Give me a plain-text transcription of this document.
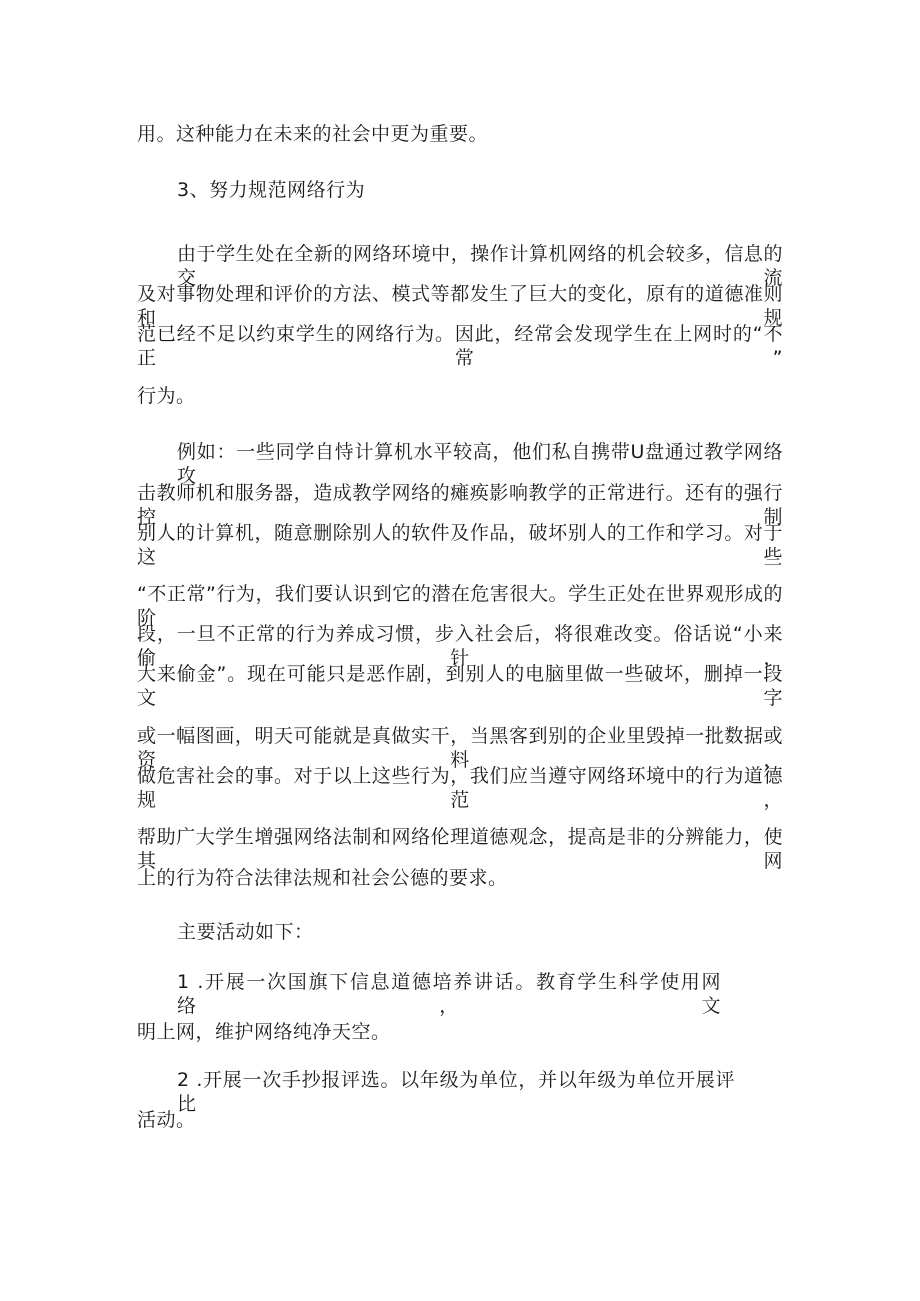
用。这种能力在未来的社会中更为重要。
3、努力规范网络行为
由于学生处在全新的网络环境中，操作计算机网络的机会较多，信息的交流
及对事物处理和评价的方法、模式等都发生了巨大的变化，原有的道德准则和规
范已经不足以约束学生的网络行为。因此，经常会发现学生在上网时的“不正常”
行为。
例如：一些同学自恃计算机水平较高，他们私自携带U盘通过教学网络攻
击教师机和服务器，造成教学网络的瘫痪影响教学的正常进行。还有的强行控制
别人的计算机，随意删除别人的软件及作品，破坏别人的工作和学习。对于这些
“不正常”行为，我们要认识到它的潜在危害很大。学生正处在世界观形成的阶
段，一旦不正常的行为养成习惯，步入社会后，将很难改变。俗话说“小来偷针，
大来偷金”。现在可能只是恶作剧，到别人的电脑里做一些破坏，删掉一段文字
或一幅图画，明天可能就是真做实干，当黑客到别的企业里毁掉一批数据或资料，
做危害社会的事。对于以上这些行为，我们应当遵守网络环境中的行为道德规范，
帮助广大学生增强网络法制和网络伦理道德观念，提高是非的分辨能力，使其网
上的行为符合法律法规和社会公德的要求。
主要活动如下：
1 .开展一次国旗下信息道德培养讲话。教育学生科学使用网络，文
明上网，维护网络纯净天空。
2 .开展一次手抄报评选。以年级为单位，并以年级为单位开展评比
活动。
